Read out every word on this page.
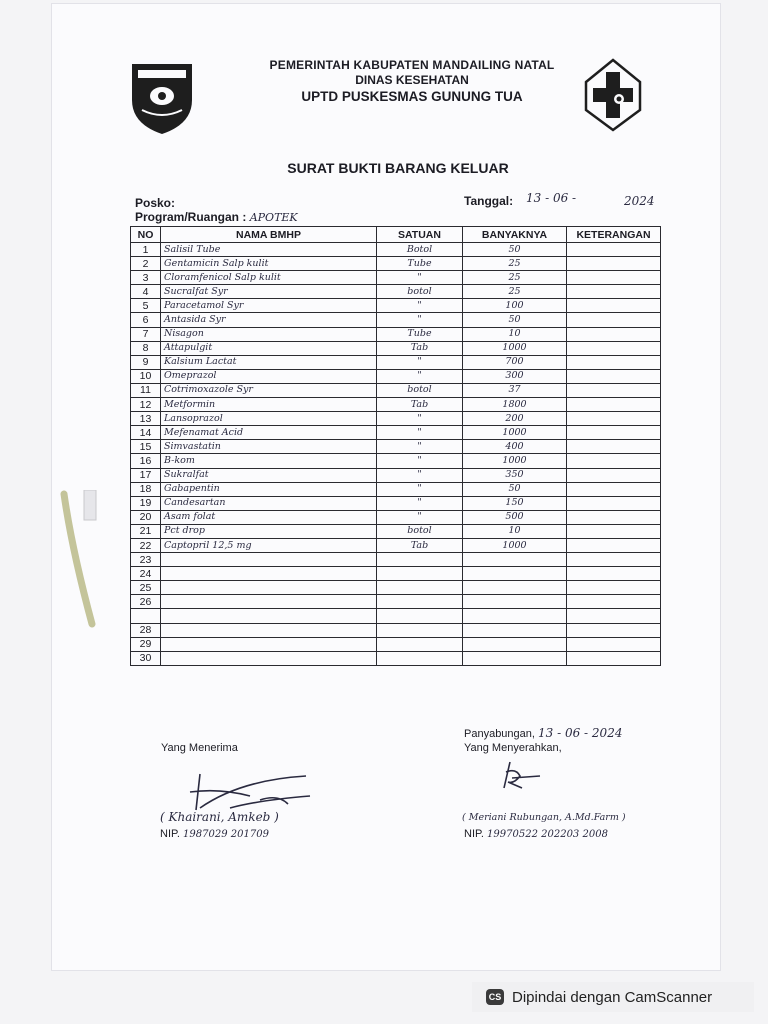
PEMERINTAH KABUPATEN MANDAILING NATAL
DINAS KESEHATAN
UPTD PUSKESMAS GUNUNG TUA
SURAT BUKTI BARANG KELUAR
Posko:
Program/Ruangan : APOTEK
Tanggal: 13 - 06 -	2024
NO	NAMA BMHP	SATUAN	BANYAKNYA	KETERANGAN
1	Salisil Tube	Botol	50	
2	Gentamicin Salp kulit	Tube	25	
3	Cloramfenicol Salp kulit	"	25	
4	Sucralfat Syr	botol	25	
5	Paracetamol Syr	"	100	
6	Antasida Syr	"	50	
7	Nisagon	Tube	10	
8	Attapulgit	Tab	1000	
9	Kalsium Lactat	"	700	
10	Omeprazol	"	300	
11	Cotrimoxazole Syr	botol	37	
12	Metformin	Tab	1800	
13	Lansoprazol	"	200	
14	Mefenamat Acid	"	1000	
15	Simvastatin	"	400	
16	B-kom	"	1000	
17	Sukralfat	"	350	
18	Gabapentin	"	50	
19	Candesartan	"	150	
20	Asam folat	"	500	
21	Pct drop	botol	10	
22	Captopril 12,5 mg	Tab	1000	
23				
24				
25				
26				

28				
29				
30				
Panyabungan, 13 - 06 - 2024
Yang Menyerahkan,
Yang Menerima
( Khairani, Amkeb )	( Meriani Rubungan, A.Md.Farm )
NIP. 1987029 201709	NIP. 19970522 202203 2008
CS Dipindai dengan CamScanner
